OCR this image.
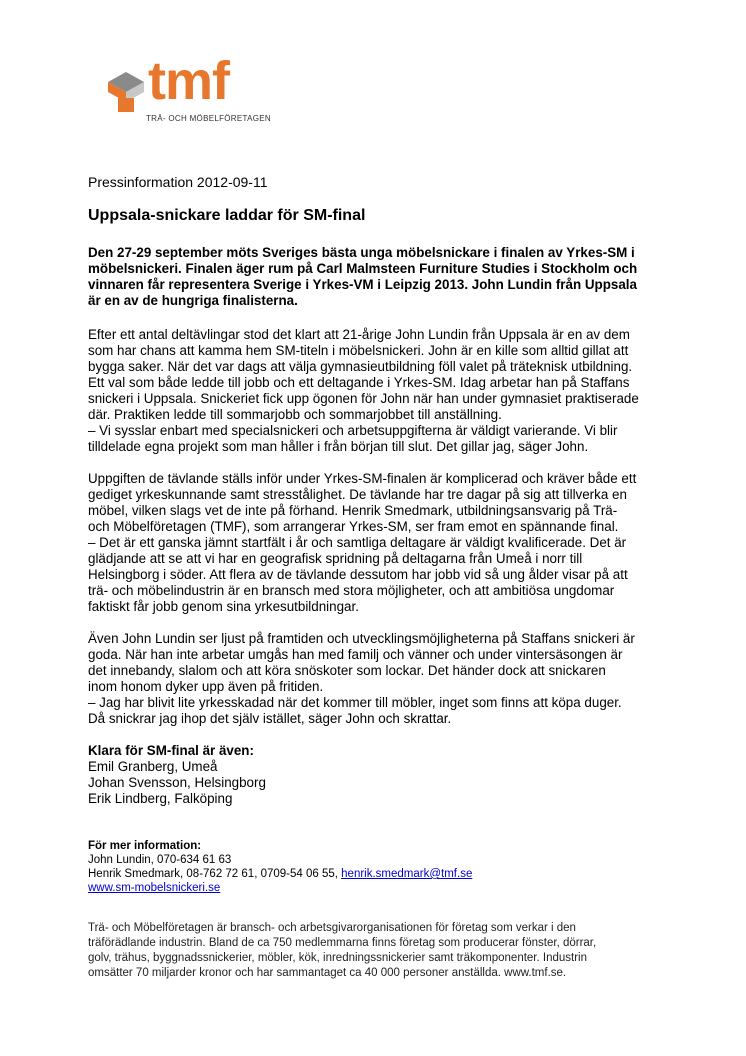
tmf
TRÄ- OCH MÖBELFÖRETAGEN

Pressinformation 2012-09-11

Uppsala-snickare laddar för SM-final

Den 27-29 september möts Sveriges bästa unga möbelsnickare i finalen av Yrkes-SM i
möbelsnickeri. Finalen äger rum på Carl Malmsteen Furniture Studies i Stockholm och
vinnaren får representera Sverige i Yrkes-VM i Leipzig 2013. John Lundin från Uppsala
är en av de hungriga finalisterna.

Efter ett antal deltävlingar stod det klart att 21-årige John Lundin från Uppsala är en av dem
som har chans att kamma hem SM-titeln i möbelsnickeri. John är en kille som alltid gillat att
bygga saker. När det var dags att välja gymnasieutbildning föll valet på träteknisk utbildning.
Ett val som både ledde till jobb och ett deltagande i Yrkes-SM. Idag arbetar han på Staffans
snickeri i Uppsala. Snickeriet fick upp ögonen för John när han under gymnasiet praktiserade
där. Praktiken ledde till sommarjobb och sommarjobbet till anställning.
– Vi sysslar enbart med specialsnickeri och arbetsuppgifterna är väldigt varierande. Vi blir
tilldelade egna projekt som man håller i från början till slut. Det gillar jag, säger John.

Uppgiften de tävlande ställs inför under Yrkes-SM-finalen är komplicerad och kräver både ett
gediget yrkeskunnande samt stresstålighet. De tävlande har tre dagar på sig att tillverka en
möbel, vilken slags vet de inte på förhand. Henrik Smedmark, utbildningsansvarig på Trä-
och Möbelföretagen (TMF), som arrangerar Yrkes-SM, ser fram emot en spännande final.
– Det är ett ganska jämnt startfält i år och samtliga deltagare är väldigt kvalificerade. Det är
glädjande att se att vi har en geografisk spridning på deltagarna från Umeå i norr till
Helsingborg i söder. Att flera av de tävlande dessutom har jobb vid så ung ålder visar på att
trä- och möbelindustrin är en bransch med stora möjligheter, och att ambitiösa ungdomar
faktiskt får jobb genom sina yrkesutbildningar.

Även John Lundin ser ljust på framtiden och utvecklingsmöjligheterna på Staffans snickeri är
goda. När han inte arbetar umgås han med familj och vänner och under vintersäsongen är
det innebandy, slalom och att köra snöskoter som lockar. Det händer dock att snickaren
inom honom dyker upp även på fritiden.
– Jag har blivit lite yrkesskadad när det kommer till möbler, inget som finns att köpa duger.
Då snickrar jag ihop det själv istället, säger John och skrattar.

Klara för SM-final är även:

Emil Granberg, Umeå
Johan Svensson, Helsingborg
Erik Lindberg, Falköping
För mer information:
John Lundin, 070-634 61 63
Henrik Smedmark, 08-762 72 61, 0709-54 06 55, henrik.smedmark@tmf.se
www.sm-mobelsnickeri.se
Trä- och Möbelföretagen är bransch- och arbetsgivarorganisationen för företag som verkar i den
träförädlande industrin. Bland de ca 750 medlemmarna finns företag som producerar fönster, dörrar,
golv, trähus, byggnadssnickerier, möbler, kök, inredningssnickerier samt träkomponenter. Industrin
omsätter 70 miljarder kronor och har sammantaget ca 40 000 personer anställda. www.tmf.se.
